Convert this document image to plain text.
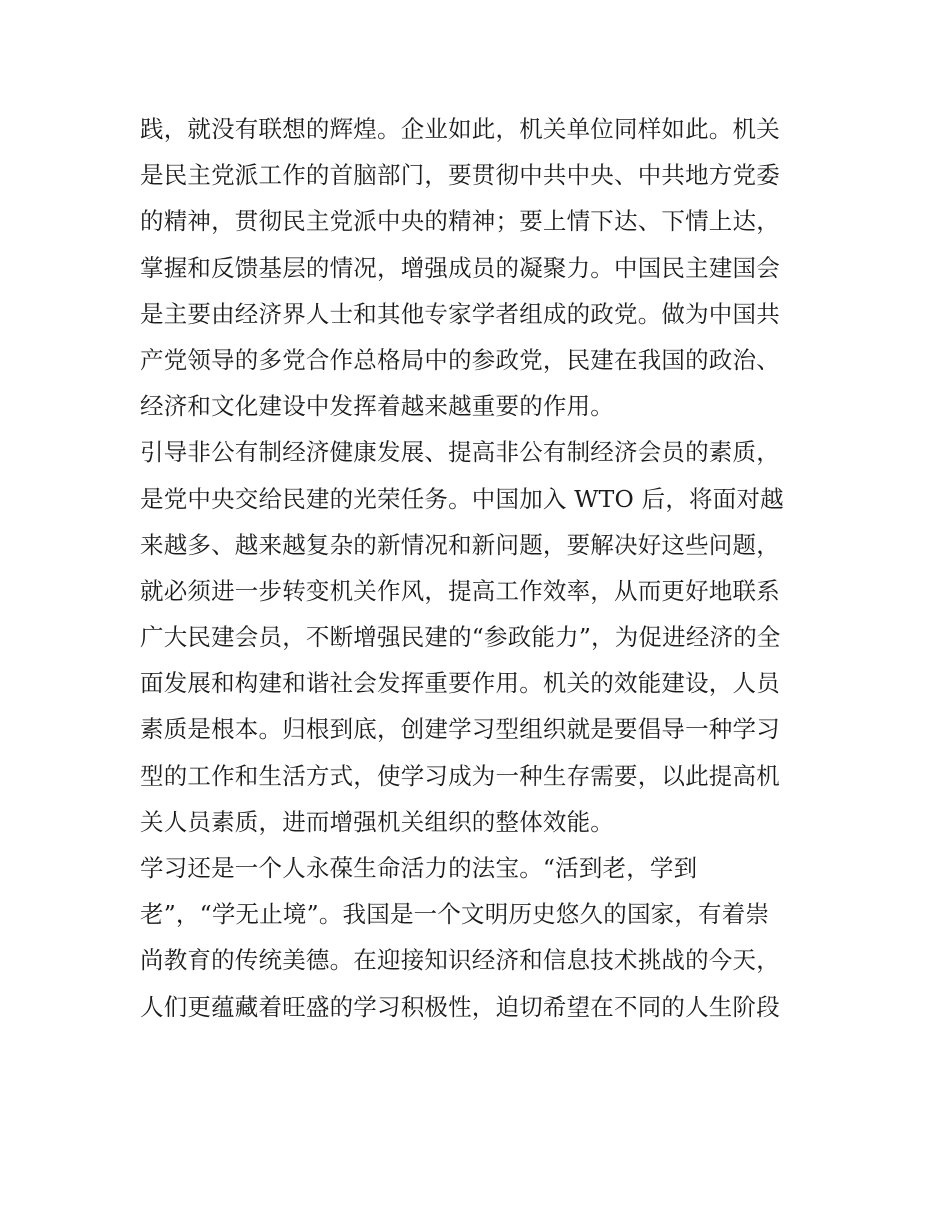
践，就没有联想的辉煌。企业如此，机关单位同样如此。机关
是民主党派工作的首脑部门，要贯彻中共中央、中共地方党委
的精神，贯彻民主党派中央的精神；要上情下达、下情上达，
掌握和反馈基层的情况，增强成员的凝聚力。中国民主建国会
是主要由经济界人士和其他专家学者组成的政党。做为中国共
产党领导的多党合作总格局中的参政党，民建在我国的政治、
经济和文化建设中发挥着越来越重要的作用。
引导非公有制经济健康发展、提高非公有制经济会员的素质，
是党中央交给民建的光荣任务。中国加入 WTO 后，将面对越
来越多、越来越复杂的新情况和新问题，要解决好这些问题，
就必须进一步转变机关作风，提高工作效率，从而更好地联系
广大民建会员，不断增强民建的“参政能力”，为促进经济的全
面发展和构建和谐社会发挥重要作用。机关的效能建设，人员
素质是根本。归根到底，创建学习型组织就是要倡导一种学习
型的工作和生活方式，使学习成为一种生存需要，以此提高机
关人员素质，进而增强机关组织的整体效能。
学习还是一个人永葆生命活力的法宝。“活到老，学到
老”，“学无止境”。我国是一个文明历史悠久的国家，有着崇
尚教育的传统美德。在迎接知识经济和信息技术挑战的今天，
人们更蕴藏着旺盛的学习积极性，迫切希望在不同的人生阶段
